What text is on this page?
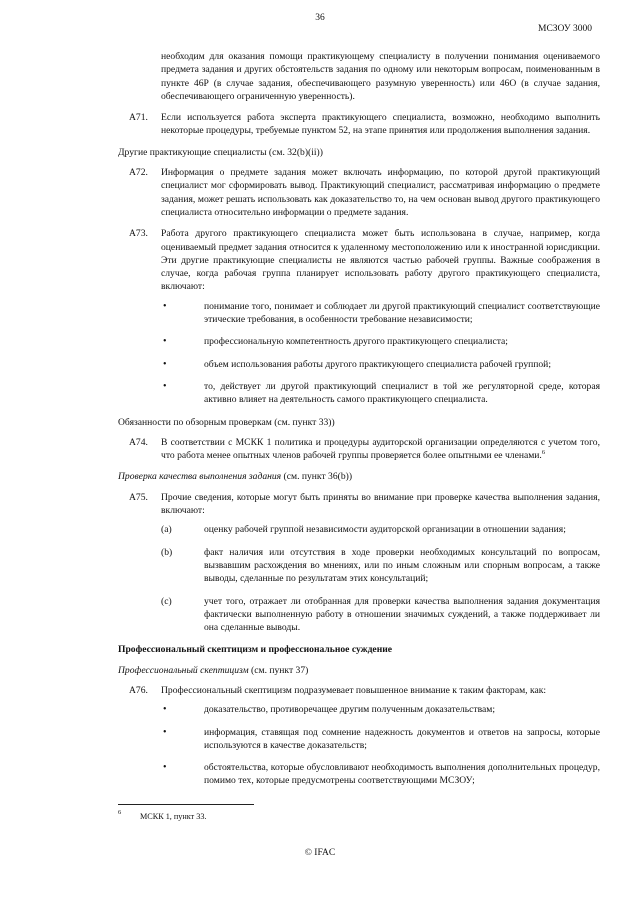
36
МСЗОУ 3000

необходим для оказания помощи практикующему специалисту в получении понимания оцениваемого предмета задания и других обстоятельств задания по одному или некоторым вопросам, поименованным в пункте 46Р (в случае задания, обеспечивающего разумную уверенность) или 46О (в случае задания, обеспечивающего ограниченную уверенность).

A71. Если используется работа эксперта практикующего специалиста, возможно, необходимо выполнить некоторые процедуры, требуемые пунктом 52, на этапе принятия или продолжения выполнения задания.

Другие практикующие специалисты (см. 32(b)(ii))

A72. Информация о предмете задания может включать информацию, по которой другой практикующий специалист мог сформировать вывод. Практикующий специалист, рассматривая информацию о предмете задания, может решать использовать как доказательство то, на чем основан вывод другого практикующего специалиста относительно информации о предмете задания.
A73. Работа другого практикующего специалиста может быть использована в случае, например, когда оцениваемый предмет задания относится к удаленному местоположению или к иностранной юрисдикции. Эти другие практикующие специалисты не являются частью рабочей группы. Важные соображения в случае, когда рабочая группа планирует использовать работу другого практикующего специалиста, включают:
•	понимание того, понимает и соблюдает ли другой практикующий специалист соответствующие этические требования, в особенности требование независимости;
•	профессиональную компетентность другого практикующего специалиста;
•	объем использования работы другого практикующего специалиста рабочей группой;
•	то, действует ли другой практикующий специалист в той же регуляторной среде, которая активно влияет на деятельность самого практикующего специалиста.

Обязанности по обзорным проверкам (см. пункт 33))

A74. В соответствии с МСКК 1 политика и процедуры аудиторской организации определяются с учетом того, что работа менее опытных членов рабочей группы проверяется более опытными ее членами.$^6$

Проверка качества выполнения задания (см. пункт 36(b))

A75. Прочие сведения, которые могут быть приняты во внимание при проверке качества выполнения задания, включают:
(a)	оценку рабочей группой независимости аудиторской организации в отношении задания;
(b)	факт наличия или отсутствия в ходе проверки необходимых консультаций по вопросам, вызвавшим расхождения во мнениях, или по иным сложным или спорным вопросам, а также выводы, сделанные по результатам этих консультаций;
(c)	учет того, отражает ли отобранная для проверки качества выполнения задания документация фактически выполненную работу в отношении значимых суждений, а также поддерживает ли она сделанные выводы.

Профессиональный скептицизм и профессиональное суждение

Профессиональный скептицизм (см. пункт 37)

A76. Профессиональный скептицизм подразумевает повышенное внимание к таким факторам, как:
•	доказательство, противоречащее другим полученным доказательствам;
•	информация, ставящая под сомнение надежность документов и ответов на запросы, которые используются в качестве доказательств;
•	обстоятельства, которые обусловливают необходимость выполнения дополнительных процедур, помимо тех, которые предусмотрены соответствующими МСЗОУ;
6 МСКК 1, пункт 33.
© IFAC
